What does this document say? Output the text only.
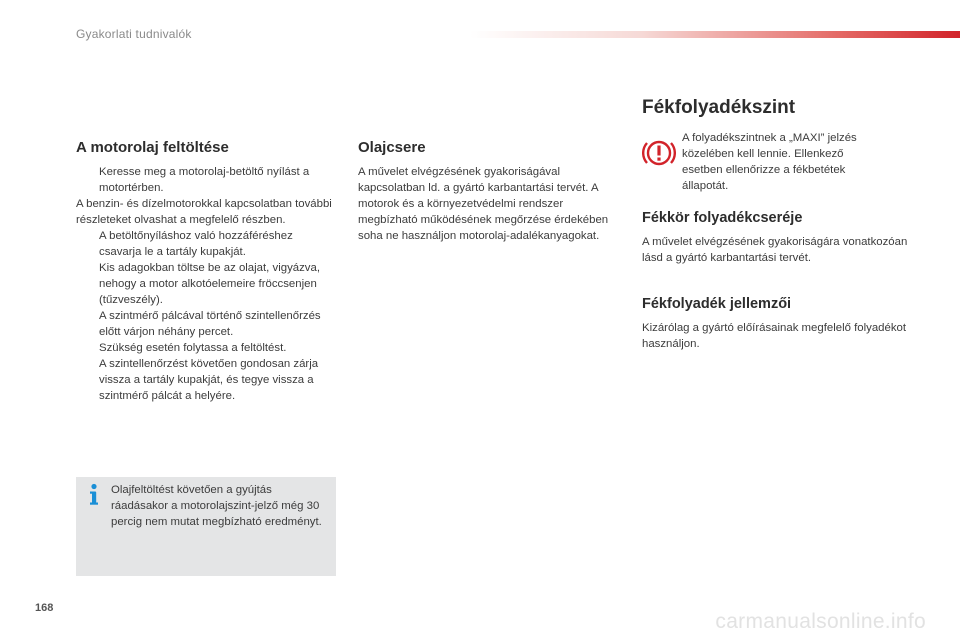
Gyakorlati tudnivalók
A motorolaj feltöltése
Keresse meg a motorolaj-betöltő nyílást a motortérben.

A benzin- és dízelmotorokkal kapcsolatban további részleteket olvashat a megfelelő részben.

A betöltőnyíláshoz való hozzáféréshez csavarja le a tartály kupakját.
Kis adagokban töltse be az olajat, vigyázva, nehogy a motor alkotóelemeire fröccsenjen (tűzveszély).
A szintmérő pálcával történő szintellenőrzés előtt várjon néhány percet.
Szükség esetén folytassa a feltöltést.
A szintellenőrzést követően gondosan zárja vissza a tartály kupakját, és tegye vissza a szintmérő pálcát a helyére.
Olajfeltöltést követően a gyújtás ráadásakor a motorolajszint-jelző még 30 percig nem mutat megbízható eredményt.
Olajcsere

A művelet elvégzésének gyakoriságával kapcsolatban ld. a gyártó karbantartási tervét. A motorok és a környezetvédelmi rendszer megbízható működésének megőrzése érdekében soha ne használjon motorolaj-adalékanyagokat.

Fékfolyadékszint

A folyadékszintnek a „MAXI” jelzés közelében kell lennie. Ellenkező esetben ellenőrizze a fékbetétek állapotát.

Fékkör folyadékcseréje

A művelet elvégzésének gyakoriságára vonatkozóan lásd a gyártó karbantartási tervét.

Fékfolyadék jellemzői

Kizárólag a gyártó előírásainak megfelelő folyadékot használjon.

168
carmanualsonline.info
